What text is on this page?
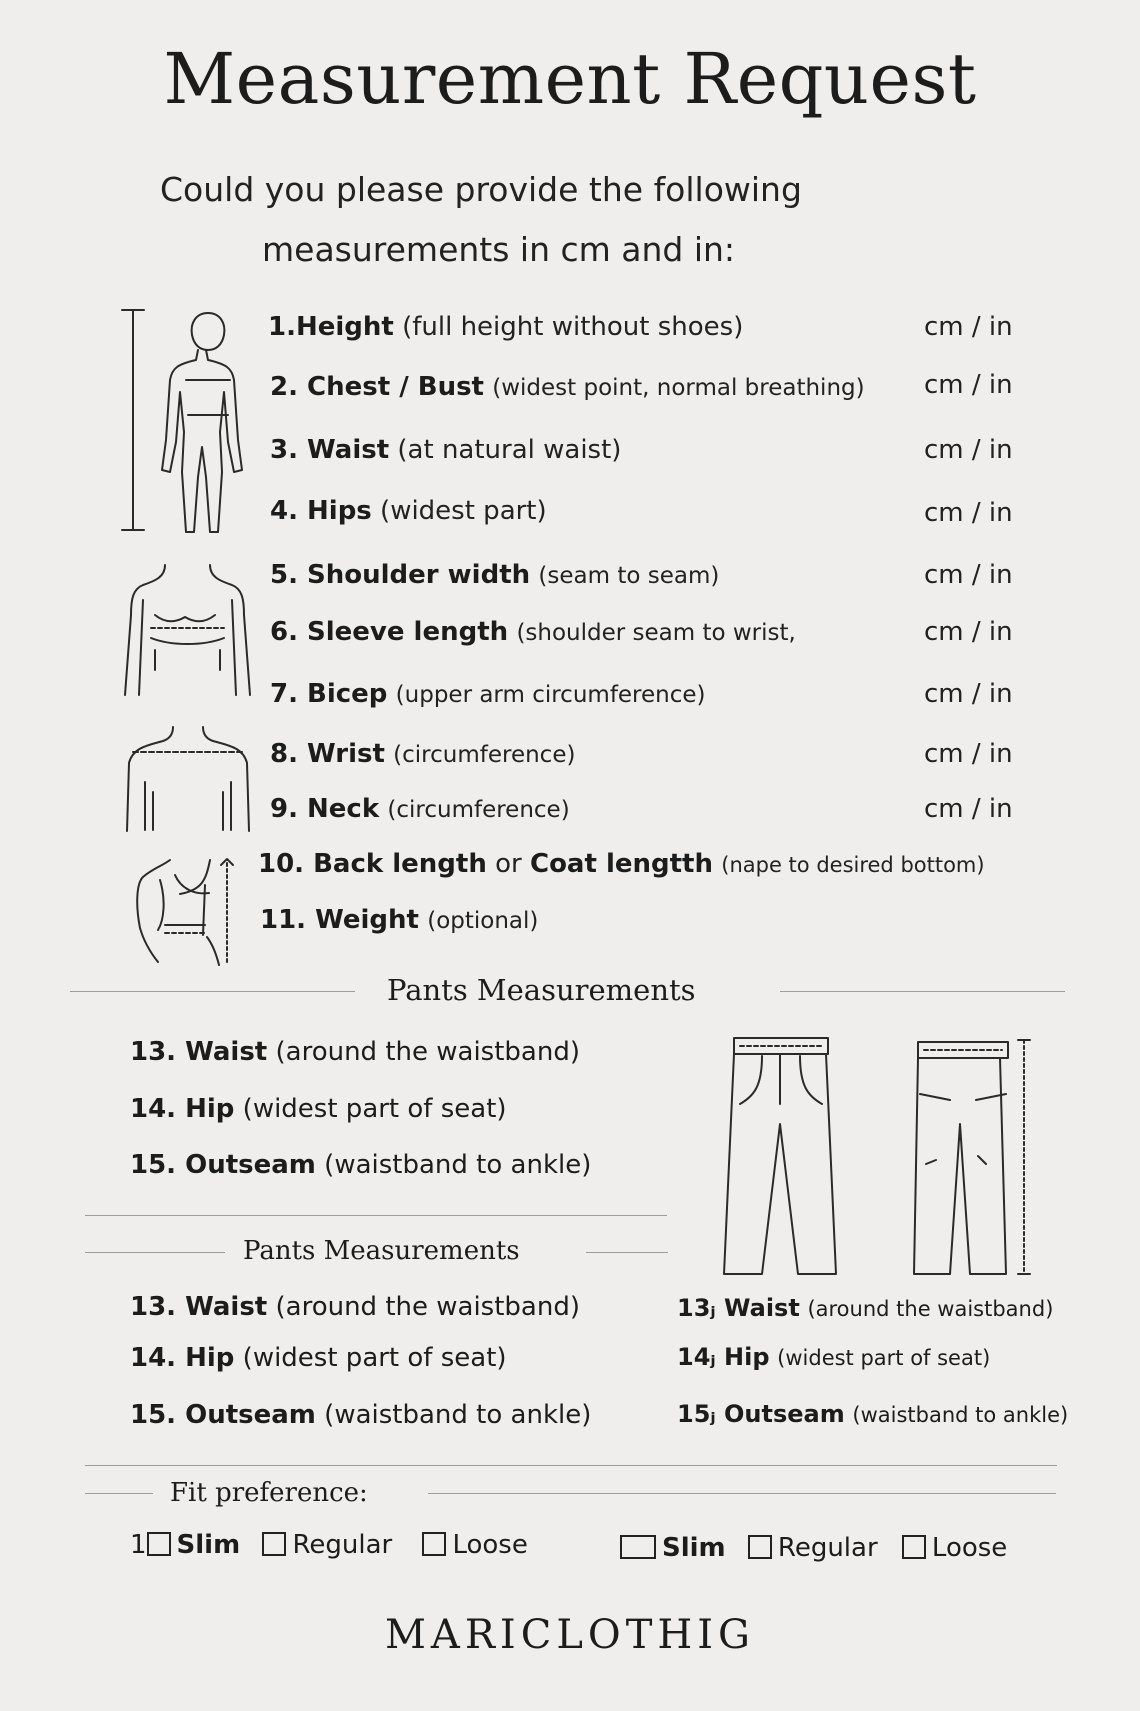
Measurement Request
Could you please provide the following
measurements in cm and in:
1.Height (full height without shoes)	cm / in
2. Chest / Bust (widest point, normal breathing) cm / in
3. Waist (at natural waist)	cm / in
4. Hips (widest part)	cm / in
5. Shoulder width (seam to seam)	cm / in
6. Sleeve length (shoulder seam to wrist,	cm / in
7. Bicep (upper arm circumference)	cm / in
8. Wrist (circumference)	cm / in
9. Neck (circumference)	cm / in
10. Back length or Coat lengtth (nape to desired bottom)
11. Weight (optional)
Pants Measurements
13. Waist (around the waistband)
14. Hip (widest part of seat)
15. Outseam (waistband to ankle)
Pants Measurements
13. Waist (around the waistband)
14. Hip (widest part of seat)
15. Outseam (waistband to ankle)
13ⱼ Waist (around the waistband)
14ⱼ Hip (widest part of seat)
15ⱼ Outseam (waistband to ankle)
Fit preference:
1 Slim Regular Loose	Slim Regular Loose
MARICLOTHIG
